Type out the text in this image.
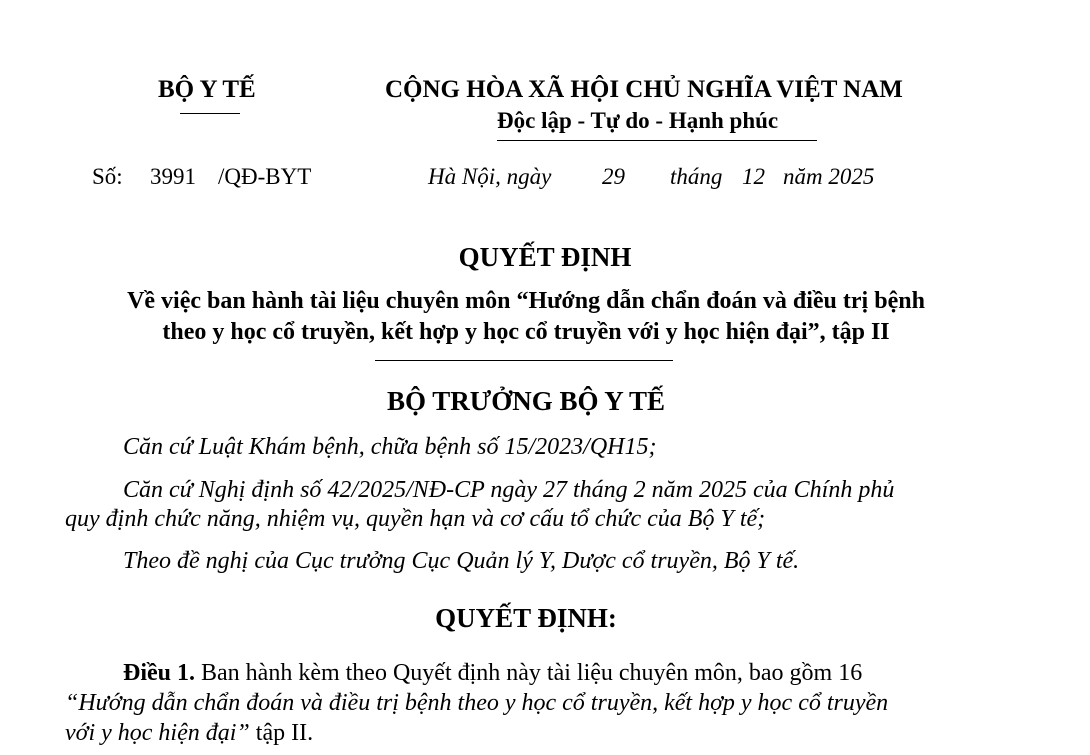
BỘ Y TẾ	CỘNG HÒA XÃ HỘI CHỦ NGHĨA VIỆT NAM
Độc lập - Tự do - Hạnh phúc
Số: 3991 /QĐ-BYT	Hà Nội, ngày 29 tháng 12 năm 2025
QUYẾT ĐỊNH
Về việc ban hành tài liệu chuyên môn “Hướng dẫn chẩn đoán và điều trị bệnh
theo y học cổ truyền, kết hợp y học cổ truyền với y học hiện đại”, tập II
BỘ TRƯỞNG BỘ Y TẾ
Căn cứ Luật Khám bệnh, chữa bệnh số 15/2023/QH15;
Căn cứ Nghị định số 42/2025/NĐ-CP ngày 27 tháng 2 năm 2025 của Chính phủ
quy định chức năng, nhiệm vụ, quyền hạn và cơ cấu tổ chức của Bộ Y tế;
Theo đề nghị của Cục trưởng Cục Quản lý Y, Dược cổ truyền, Bộ Y tế.
QUYẾT ĐỊNH:
Điều 1. Ban hành kèm theo Quyết định này tài liệu chuyên môn, bao gồm 16
“Hướng dẫn chẩn đoán và điều trị bệnh theo y học cổ truyền, kết hợp y học cổ truyền
với y học hiện đại” tập II.
